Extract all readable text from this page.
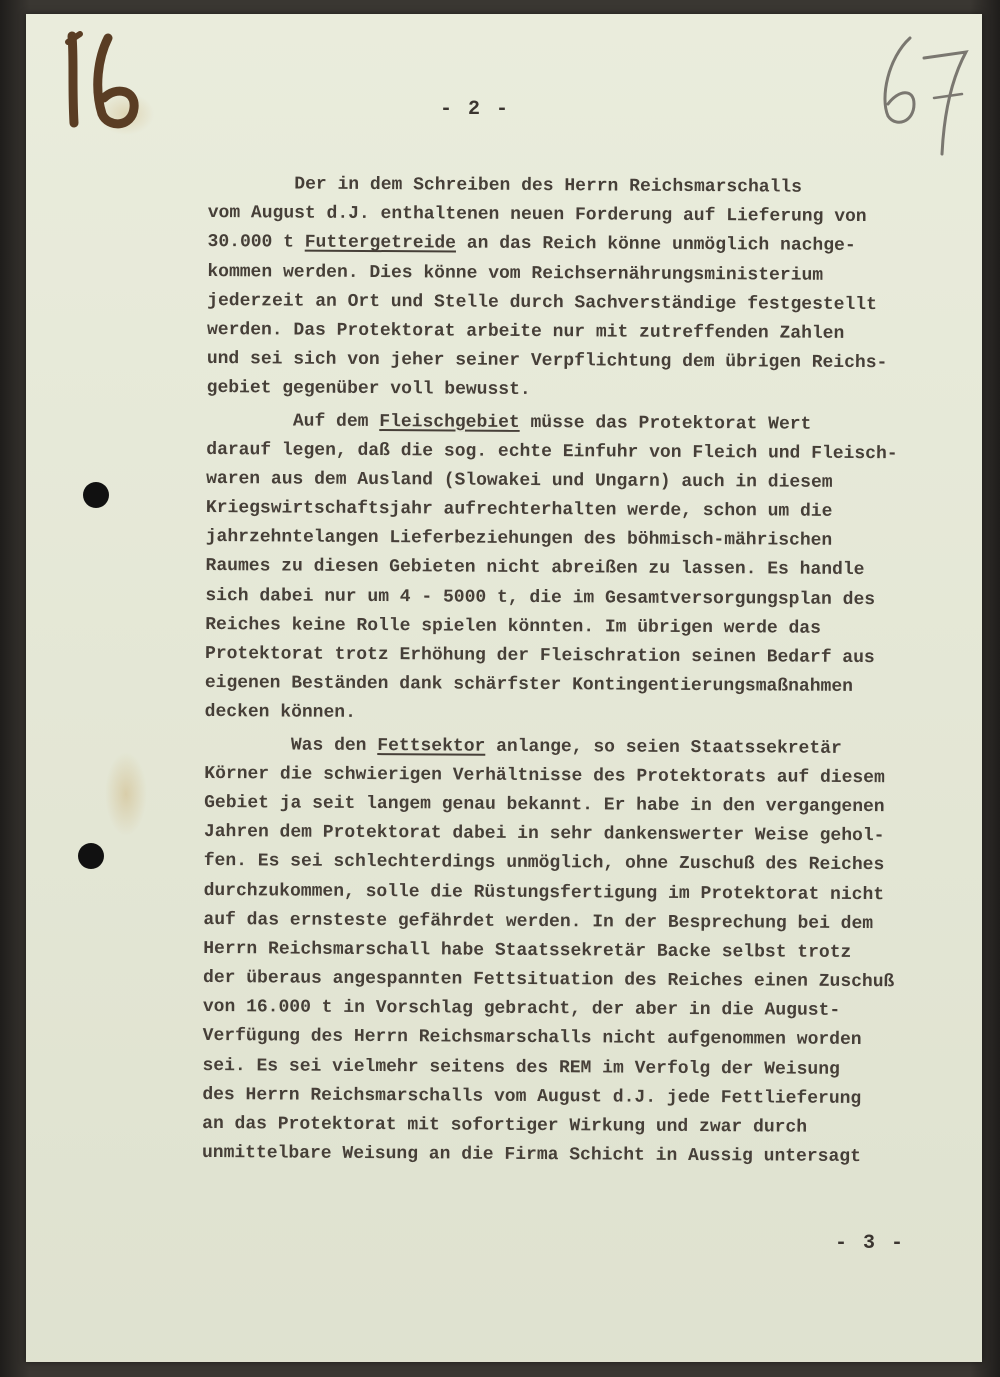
- 2 -
Der in dem Schreiben des Herrn Reichsmarschalls
vom August d.J. enthaltenen neuen Forderung auf Lieferung von
30.000 t Futtergetreide an das Reich könne unmöglich nachge-
kommen werden. Dies könne vom Reichsernährungsministerium
jederzeit an Ort und Stelle durch Sachverständige festgestellt
werden. Das Protektorat arbeite nur mit zutreffenden Zahlen
und sei sich von jeher seiner Verpflichtung dem übrigen Reichs-
gebiet gegenüber voll bewusst.
Auf dem Fleischgebiet müsse das Protektorat Wert
darauf legen, daß die sog. echte Einfuhr von Fleich und Fleisch-
waren aus dem Ausland (Slowakei und Ungarn) auch in diesem
Kriegswirtschaftsjahr aufrechterhalten werde, schon um die
jahrzehntelangen Lieferbeziehungen des böhmisch-mährischen
Raumes zu diesen Gebieten nicht abreißen zu lassen. Es handle
sich dabei nur um 4 - 5000 t, die im Gesamtversorgungsplan des
Reiches keine Rolle spielen könnten. Im übrigen werde das
Protektorat trotz Erhöhung der Fleischration seinen Bedarf aus
eigenen Beständen dank schärfster Kontingentierungsmaßnahmen
decken können.
Was den Fettsektor anlange, so seien Staatssekretär
Körner die schwierigen Verhältnisse des Protektorats auf diesem
Gebiet ja seit langem genau bekannt. Er habe in den vergangenen
Jahren dem Protektorat dabei in sehr dankenswerter Weise gehol-
fen. Es sei schlechterdings unmöglich, ohne Zuschuß des Reiches
durchzukommen, solle die Rüstungsfertigung im Protektorat nicht
auf das ernsteste gefährdet werden. In der Besprechung bei dem
Herrn Reichsmarschall habe Staatssekretär Backe selbst trotz
der überaus angespannten Fettsituation des Reiches einen Zuschuß
von 16.000 t in Vorschlag gebracht, der aber in die August-
Verfügung des Herrn Reichsmarschalls nicht aufgenommen worden
sei. Es sei vielmehr seitens des REM im Verfolg der Weisung
des Herrn Reichsmarschalls vom August d.J. jede Fettlieferung
an das Protektorat mit sofortiger Wirkung und zwar durch
unmittelbare Weisung an die Firma Schicht in Aussig untersagt
- 3 -
